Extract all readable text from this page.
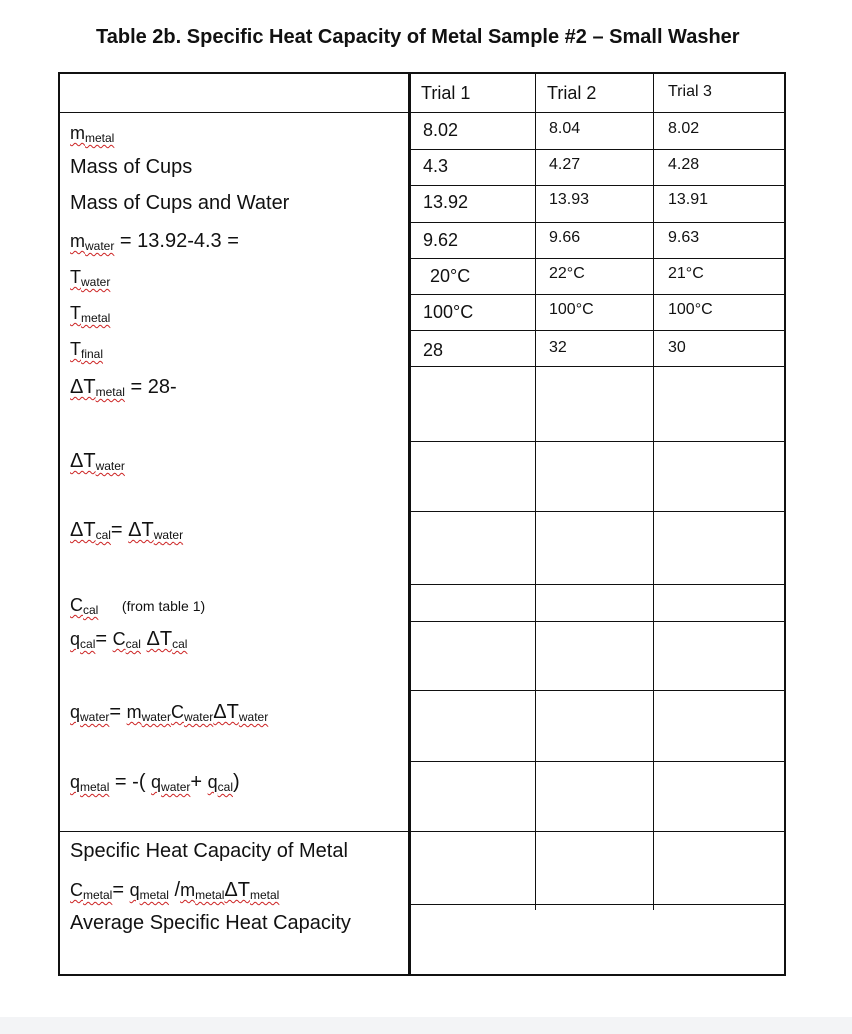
Table 2b. Specific Heat Capacity of Metal Sample #2 – Small Washer
Trial 1	Trial 2	Trial 3
$m_{metal}$	8.02	8.04	8.02
Mass of Cups	4.3	4.27	4.28
Mass of Cups and Water	13.92	13.93	13.91
$m_{water} = 13.92-4.3$ =	9.62	9.66	9.63
$T_{water}$	20°C	22°C	21°C
$T_{metal}$	100°C	100°C	100°C
$T_{final}$	28	32	30
$\Delta T_{metal} = 28-$
$\Delta T_{water}$
$\Delta T_{cal}= \Delta T_{water}$
$C_{cal}$ (from table 1)
$q_{cal}= C_{cal}$ $\Delta T_{cal}$
$q_{water}= m_{water}C_{water}\Delta T_{water}$
$q_{metal}$ = -( $q_{water}+ q_{cal}$)
Specific Heat Capacity of Metal
$C_{metal}= q_{metal}$ $/m_{metal}\Delta T_{metal}$
Average Specific Heat Capacity
